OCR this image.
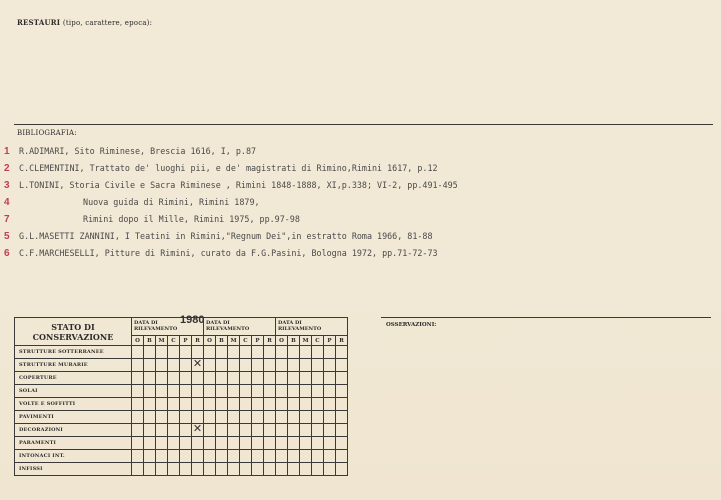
RESTAURI (tipo, carattere, epoca):
BIBLIOGRAFIA:
1 R.ADIMARI, Sito Riminese, Brescia 1616, I, p.87
2 C.CLEMENTINI, Trattato de' luoghi pii, e de' magistrati di Rimino,Rimini 1617, p.12
3 L.TONINI, Storia Civile e Sacra Riminese , Rimini 1848-1888, XI,p.338; VI-2, pp.491-495
4	Nuova guida di Rimini, Rimini 1879,
7	Rimini dopo il Mille, Rimini 1975, pp.97-98
5 G.L.MASETTI ZANNINI, I Teatini in Rimini,"Regnum Dei",in estratto Roma 1966, 81-88
6 C.F.MARCHESELLI, Pitture di Rimini, curato da F.G.Pasini, Bologna 1972, pp.71-72-73
OSSERVAZIONI:
STATO DI CONSERVAZIONE	DATA DI RILEVAMENTO
1980						DATA DI RILEVAMENTO						DATA DI RILEVAMENTO					
	O	B	M	C	P	R	O	B	M	C	P	R	O	B	M	C	P	R
STRUTTURE SOTTERRANEE																		
STRUTTURE MURARIE						✕												

COPERTURE																		
SOLAI																		
VOLTE E SOFFITTI																		
PAVIMENTI																		
DECORAZIONI						✕												

PARAMENTI																		
INTONACI INT.																		
INFISSI																		
